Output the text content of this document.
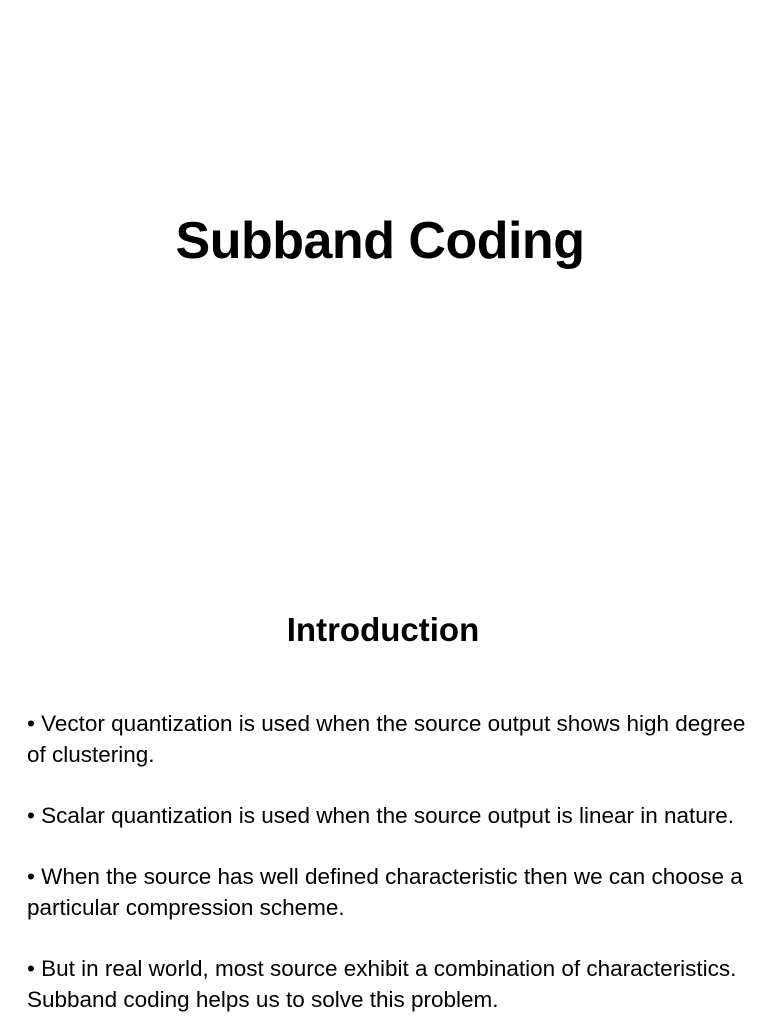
Subband Coding
Introduction
• Vector quantization is used when the source output shows high degree of clustering.
• Scalar quantization is used when the source output is linear in nature.
• When the source has well defined characteristic then we can choose a particular compression scheme.
• But in real world, most source exhibit a combination of characteristics. Subband coding helps us to solve this problem.
